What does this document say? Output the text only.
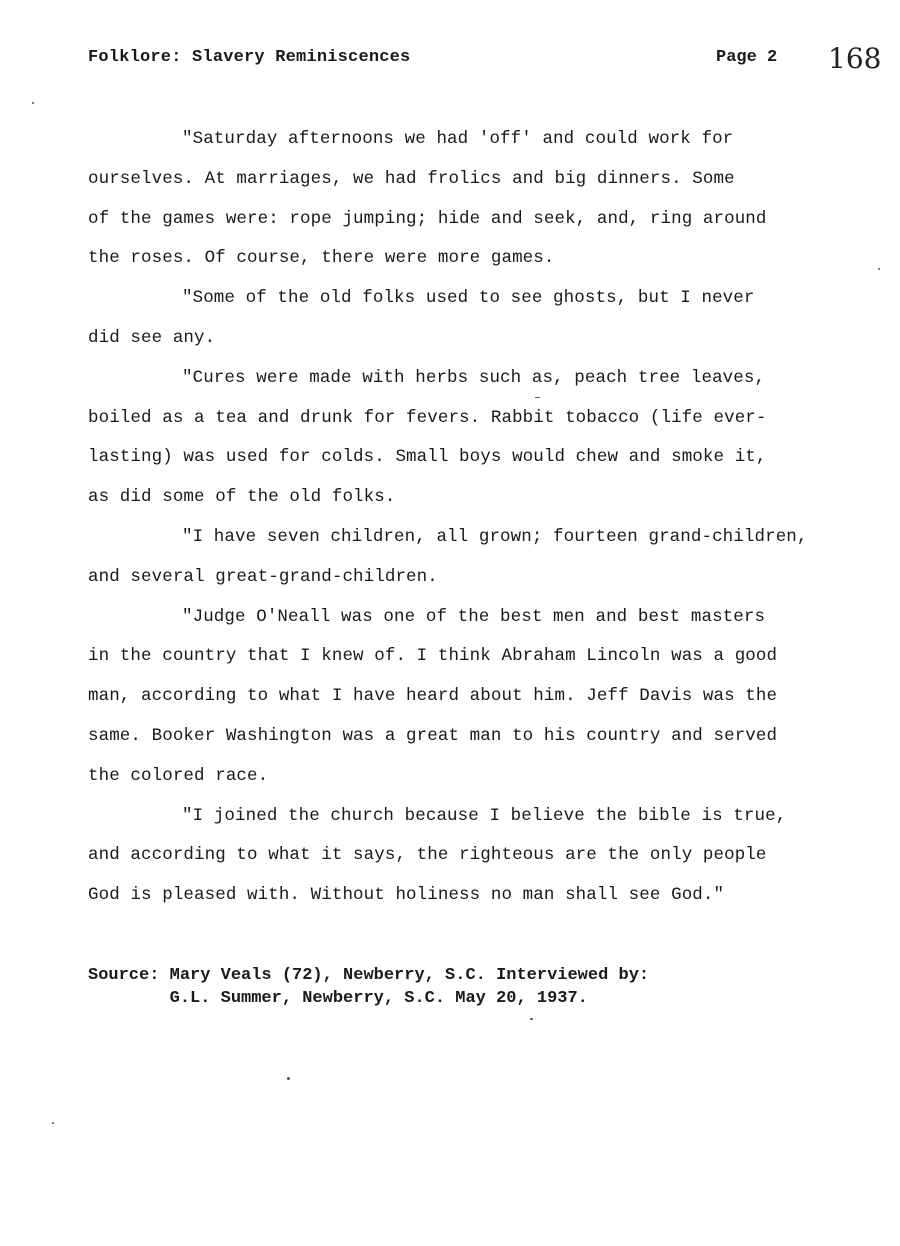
Folklore: Slavery Reminiscences	Page 2 168

"Saturday afternoons we had 'off' and could work for
ourselves. At marriages, we had frolics and big dinners. Some
of the games were: rope jumping; hide and seek, and, ring around
the roses. Of course, there were more games.

"Some of the old folks used to see ghosts, but I never
did see any.

"Cures were made with herbs such as, peach tree leaves,
boiled as a tea and drunk for fevers. Rabbit tobacco (life ever-
lasting) was used for colds. Small boys would chew and smoke it,
as did some of the old folks.

"I have seven children, all grown; fourteen grand-children,
and several great-grand-children.

"Judge O'Neall was one of the best men and best masters
in the country that I knew of. I think Abraham Lincoln was a good
man, according to what I have heard about him. Jeff Davis was the
same. Booker Washington was a great man to his country and served
the colored race.

"I joined the church because I believe the bible is true,
and according to what it says, the righteous are the only people
God is pleased with. Without holiness no man shall see God."

Source: Mary Veals (72), Newberry, S.C. Interviewed by:
G.L. Summer, Newberry, S.C. May 20, 1937.
